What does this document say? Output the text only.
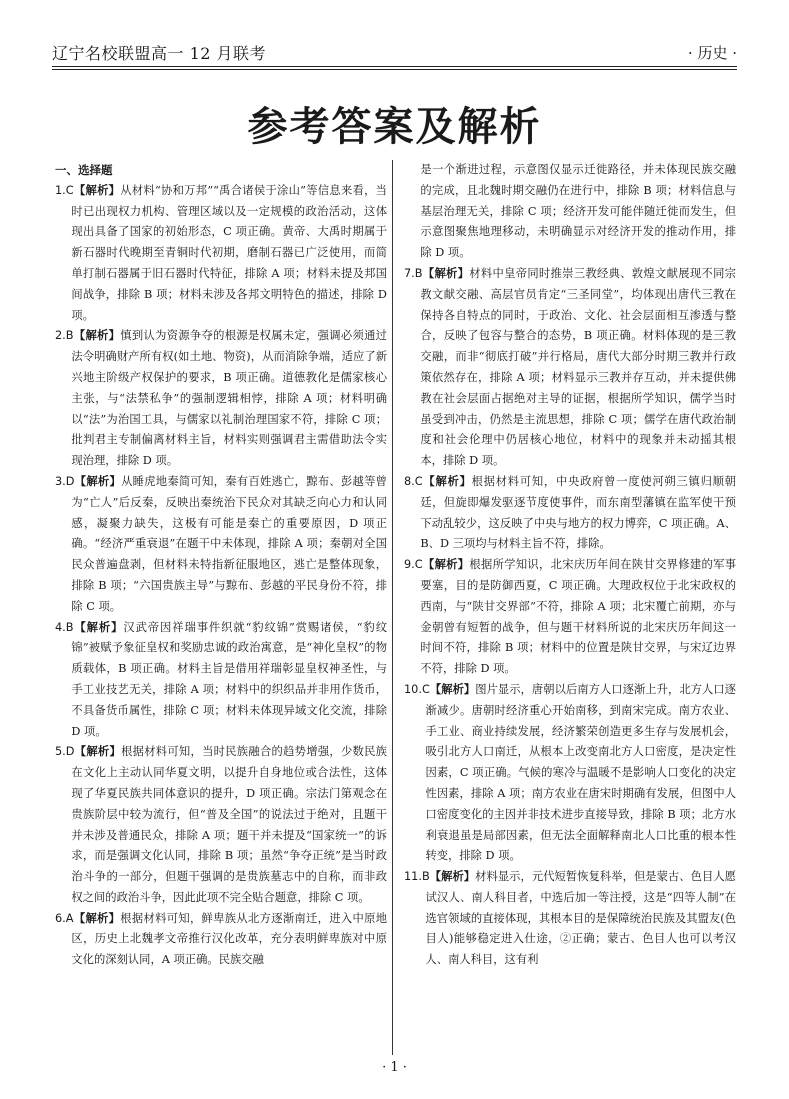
辽宁名校联盟高一 12 月联考	· 历史 ·
参考答案及解析
一、选择题

1.C【解析】从材料“协和万邦”“禹合诸侯于涂山”等信息来看，当时已出现权力机构、管理区域以及一定规模的政治活动，这体现出具备了国家的初始形态，C 项正确。黄帝、大禹时期属于新石器时代晚期至青铜时代初期，磨制石器已广泛使用，而简单打制石器属于旧石器时代特征，排除 A 项；材料未提及邦国间战争，排除 B 项；材料未涉及各邦文明特色的描述，排除 D 项。

2.B【解析】慎到认为资源争夺的根源是权属未定，强调必须通过法令明确财产所有权(如土地、物资)，从而消除争端，适应了新兴地主阶级产权保护的要求，B 项正确。道德教化是儒家核心主张，与“法禁私争”的强制逻辑相悖，排除 A 项；材料明确以“法”为治国工具，与儒家以礼制治理国家不符，排除 C 项；批判君主专制偏离材料主旨，材料实则强调君主需借助法令实现治理，排除 D 项。

3.D【解析】从睡虎地秦简可知，秦有百姓逃亡，黥布、彭越等曾为“亡人”后反秦，反映出秦统治下民众对其缺乏向心力和认同感，凝聚力缺失，这极有可能是秦亡的重要原因，D 项正确。“经济严重衰退”在题干中未体现，排除 A 项；秦朝对全国民众普遍盘剥，但材料未特指新征服地区，逃亡是整体现象，排除 B 项；“六国贵族主导”与黥布、彭越的平民身份不符，排除 C 项。

4.B【解析】汉武帝因祥瑞事件织就“豹纹锦”赏赐诸侯，“豹纹锦”被赋予象征皇权和奖励忠诚的政治寓意，是“神化皇权”的物质载体，B 项正确。材料主旨是借用祥瑞彰显皇权神圣性，与手工业技艺无关，排除 A 项；材料中的织织品并非用作货币，不具备货币属性，排除 C 项；材料未体现异域文化交流，排除 D 项。

5.D【解析】根据材料可知，当时民族融合的趋势增强，少数民族在文化上主动认同华夏文明，以提升自身地位或合法性，这体现了华夏民族共同体意识的提升，D 项正确。宗法门第观念在贵族阶层中较为流行，但“普及全国”的说法过于绝对，且题干并未涉及普通民众，排除 A 项；题干并未提及“国家统一”的诉求，而是强调文化认同，排除 B 项；虽然“争夺正统”是当时政治斗争的一部分，但题干强调的是贵族墓志中的自称，而非政权之间的政治斗争，因此此项不完全贴合题意，排除 C 项。

6.A【解析】根据材料可知，鲜卑族从北方逐渐南迁，进入中原地区，历史上北魏孝文帝推行汉化改革，充分表明鲜卑族对中原文化的深刻认同，A 项正确。民族交融

是一个渐进过程，示意图仅显示迁徙路径，并未体现民族交融的完成，且北魏时期交融仍在进行中，排除 B 项；材料信息与基层治理无关，排除 C 项；经济开发可能伴随迁徙而发生，但示意图聚焦地理移动，未明确显示对经济开发的推动作用，排除 D 项。

7.B【解析】材料中皇帝同时推崇三教经典、敦煌文献展现不同宗教文献交融、高层官员肯定“三圣同堂”，均体现出唐代三教在保持各自特点的同时，于政治、文化、社会层面相互渗透与整合，反映了包容与整合的态势，B 项正确。材料体现的是三教交融，而非“彻底打破”并行格局，唐代大部分时期三教并行政策依然存在，排除 A 项；材料显示三教并存互动，并未提供佛教在社会层面占据绝对主导的证据，根据所学知识，儒学当时虽受到冲击，仍然是主流思想，排除 C 项；儒学在唐代政治制度和社会伦理中仍居核心地位，材料中的现象并未动摇其根本，排除 D 项。

8.C【解析】根据材料可知，中央政府曾一度使河朔三镇归顺朝廷，但旋即爆发驱逐节度使事件，而东南型藩镇在监军使干预下动乱较少，这反映了中央与地方的权力博弈，C 项正确。A、B、D 三项均与材料主旨不符，排除。

9.C【解析】根据所学知识，北宋庆历年间在陕甘交界修建的军事要塞，目的是防御西夏，C 项正确。大理政权位于北宋政权的西南，与“陕甘交界部”不符，排除 A 项；北宋覆亡前期，亦与金朝曾有短暂的战争，但与题干材料所说的北宋庆历年间这一时间不符，排除 B 项；材料中的位置是陕甘交界，与宋辽边界不符，排除 D 项。

10.C【解析】图片显示，唐朝以后南方人口逐渐上升，北方人口逐渐减少。唐朝时经济重心开始南移，到南宋完成。南方农业、手工业、商业持续发展，经济繁荣创造更多生存与发展机会，吸引北方人口南迁，从根本上改变南北方人口密度，是决定性因素，C 项正确。气候的寒冷与温暖不是影响人口变化的决定性因素，排除 A 项；南方农业在唐宋时期确有发展，但图中人口密度变化的主因并非技术进步直接导致，排除 B 项；北方水利衰退虽是局部因素，但无法全面解释南北人口比重的根本性转变，排除 D 项。

11.B【解析】材料显示，元代短暂恢复科举，但是蒙古、色目人愿试汉人、南人科目者，中选后加一等注授，这是“四等人制”在选官领域的直接体现，其根本目的是保障统治民族及其盟友(色目人)能够稳定进入仕途，②正确；蒙古、色目人也可以考汉人、南人科目，这有利

· 1 ·
